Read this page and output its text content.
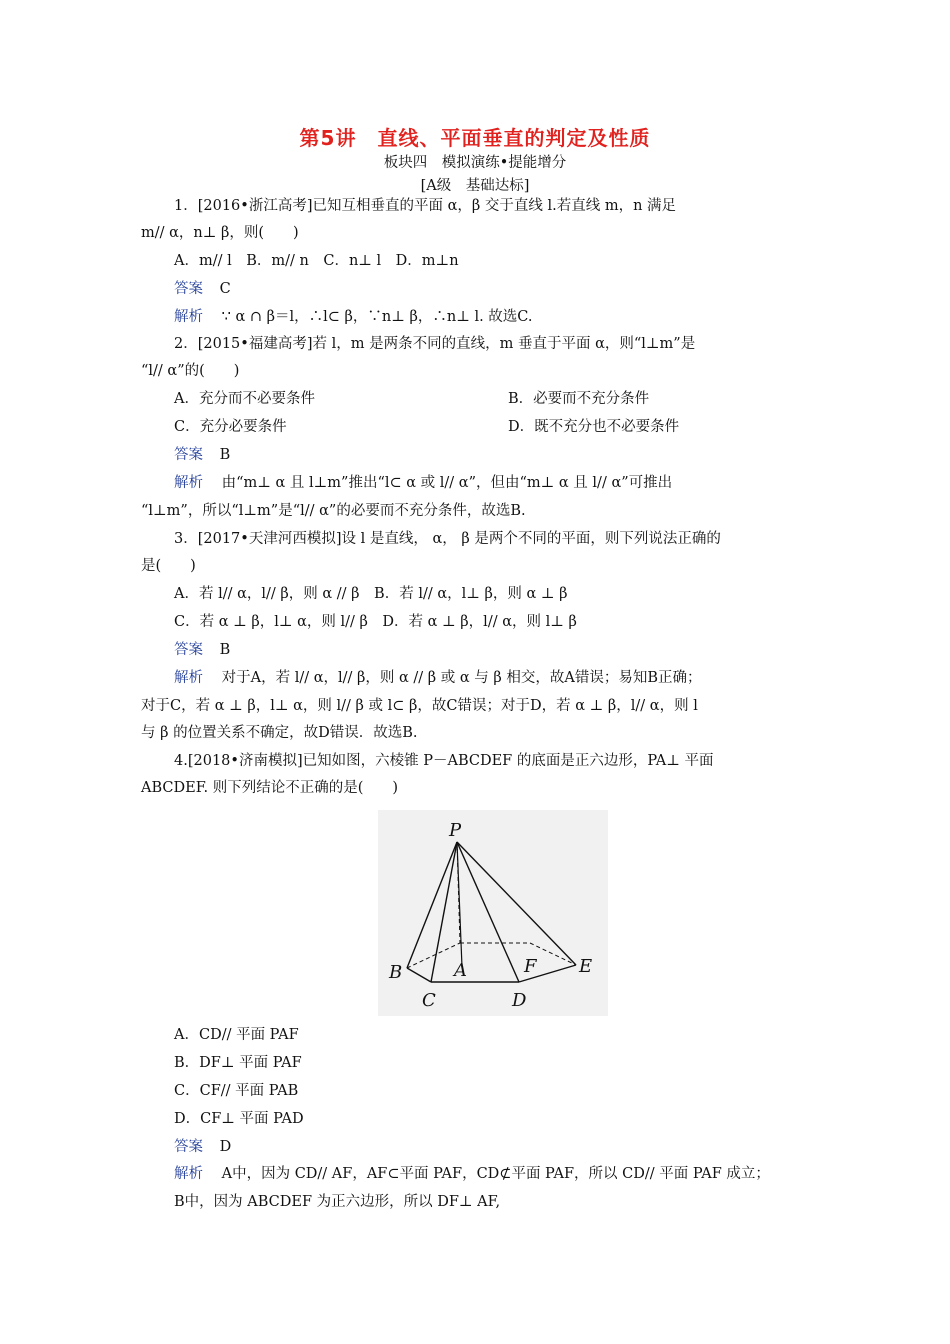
第5讲　直线、平面垂直的判定及性质
板块四　模拟演练•提能增分
[A级　基础达标]
1．[2016•浙江高考]已知互相垂直的平面 α，β 交于直线 l.若直线 m，n 满足
m// α，n⊥ β，则(　　)
A．m// l　B．m// n　C．n⊥ l　D．m⊥n
答案 C
解析 ∵ α ∩ β＝l，∴l⊂ β，∵n⊥ β，∴n⊥ l. 故选C.
2．[2015•福建高考]若 l，m 是两条不同的直线，m 垂直于平面 α，则“l⊥m”是
“l// α”的(　　)
A．充分而不必要条件	B．必要而不充分条件
C．充分必要条件	D．既不充分也不必要条件
答案 B
解析 由“m⊥ α 且 l⊥m”推出“l⊂ α 或 l// α”，但由“m⊥ α 且 l// α”可推出
“l⊥m”，所以“l⊥m”是“l// α”的必要而不充分条件，故选B.
3．[2017•天津河西模拟]设 l 是直线， α， β 是两个不同的平面，则下列说法正确的
是(　　)
A．若 l// α，l// β，则 α // β　B．若 l// α，l⊥ β，则 α ⊥ β
C．若 α ⊥ β，l⊥ α，则 l// β　D．若 α ⊥ β，l// α，则 l⊥ β
答案 B
解析 对于A，若 l// α，l// β，则 α // β 或 α 与 β 相交，故A错误；易知B正确；
对于C，若 α ⊥ β，l⊥ α，则 l// β 或 l⊂ β，故C错误；对于D，若 α ⊥ β，l// α，则 l
与 β 的位置关系不确定，故D错误．故选B.
4.[2018•济南模拟]已知如图，六棱锥 P－ABCDEF 的底面是正六边形，PA⊥ 平面
ABCDEF. 则下列结论不正确的是(　　)
P
A
B
C	D
E
F
A．CD// 平面 PAF
B．DF⊥ 平面 PAF
C．CF// 平面 PAB
D．CF⊥ 平面 PAD
答案 D
解析 A中，因为 CD// AF，AF⊂平面 PAF，CD⊄平面 PAF，所以 CD// 平面 PAF 成立；
B中，因为 ABCDEF 为正六边形，所以 DF⊥ AF,
